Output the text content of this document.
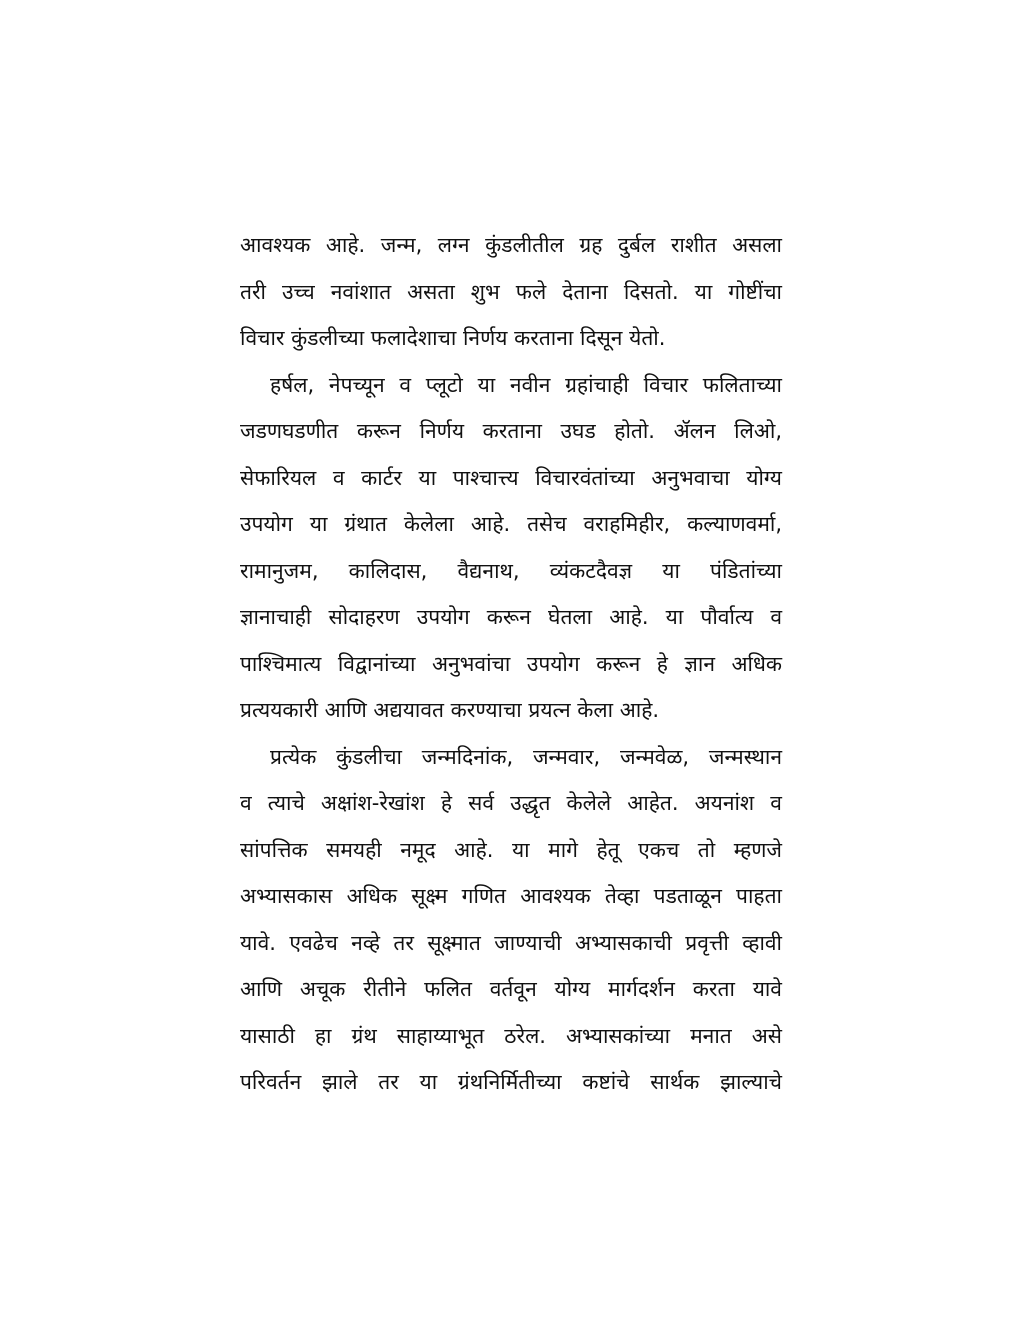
आवश्यक आहे. जन्म, लग्न कुंडलीतील ग्रह दुर्बल राशीत असला
तरी उच्च नवांशात असता शुभ फले देताना दिसतो. या गोष्टींचा
विचार कुंडलीच्या फलादेशाचा निर्णय करताना दिसून येतो.
हर्षल, नेपच्यून व प्लूटो या नवीन ग्रहांचाही विचार फलिताच्या
जडणघडणीत करून निर्णय करताना उघड होतो. ॲलन लिओ,
सेफारियल व कार्टर या पाश्चात्त्य विचारवंतांच्या अनुभवाचा योग्य
उपयोग या ग्रंथात केलेला आहे. तसेच वराहमिहीर, कल्याणवर्मा,
रामानुजम, कालिदास, वैद्यनाथ, व्यंकटदैवज्ञ या पंडितांच्या
ज्ञानाचाही सोदाहरण उपयोग करून घेतला आहे. या पौर्वात्य व
पाश्चिमात्य विद्वानांच्या अनुभवांचा उपयोग करून हे ज्ञान अधिक
प्रत्ययकारी आणि अद्ययावत करण्याचा प्रयत्न केला आहे.
प्रत्येक कुंडलीचा जन्मदिनांक, जन्मवार, जन्मवेळ, जन्मस्थान
व त्याचे अक्षांश-रेखांश हे सर्व उद्धृत केलेले आहेत. अयनांश व
सांपत्तिक समयही नमूद आहे. या मागे हेतू एकच तो म्हणजे
अभ्यासकास अधिक सूक्ष्म गणित आवश्यक तेव्हा पडताळून पाहता
यावे. एवढेच नव्हे तर सूक्ष्मात जाण्याची अभ्यासकाची प्रवृत्ती व्हावी
आणि अचूक रीतीने फलित वर्तवून योग्य मार्गदर्शन करता यावे
यासाठी हा ग्रंथ साहाय्याभूत ठरेल. अभ्यासकांच्या मनात असे
परिवर्तन झाले तर या ग्रंथनिर्मितीच्या कष्टांचे सार्थक झाल्याचे
